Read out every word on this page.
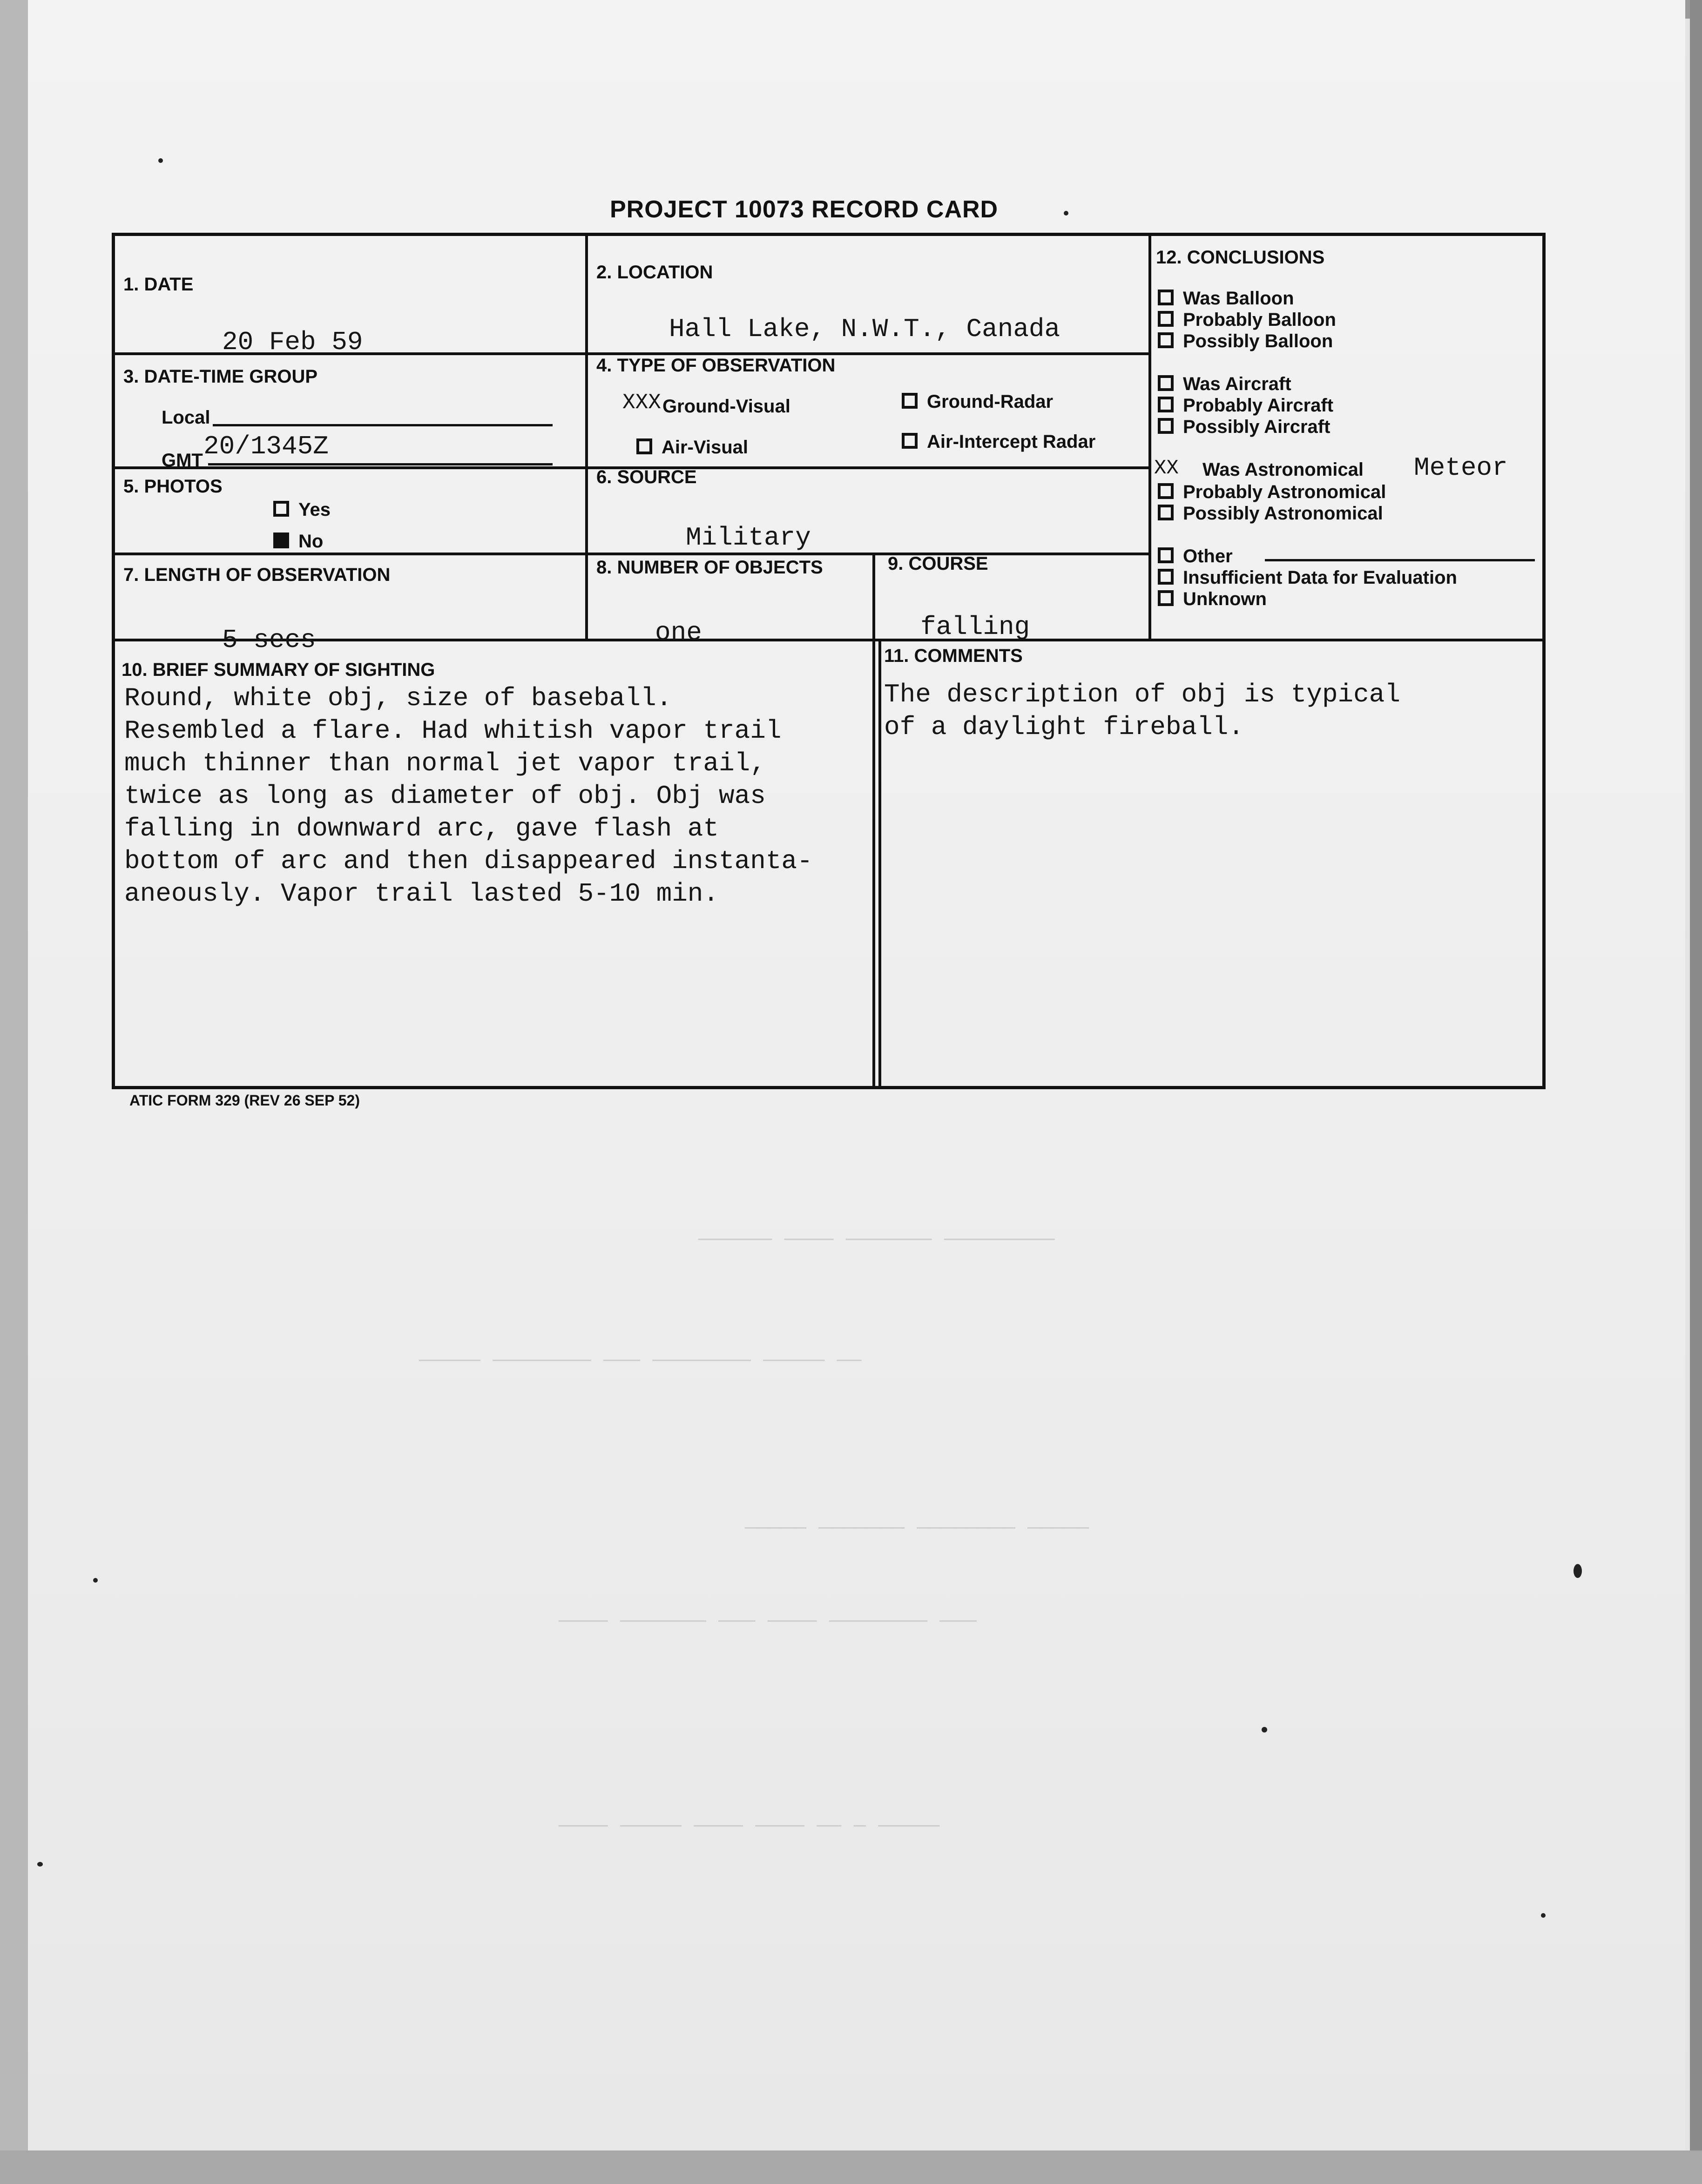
────── ──── ─────── ─────────
───── ──────── ─── ──────── ───── ──
───── ─────── ──────── ─────
──── ─────── ─── ──── ──────── ───
──── ───── ──── ──── ── ─ ─────
PROJECT 10073 RECORD CARD
1. DATE
20 Feb 59
2. LOCATION
Hall Lake, N.W.T., Canada
3. DATE-TIME GROUP
Local
GMT 20/1345Z
4. TYPE OF OBSERVATION
XXX Ground-Visual	Ground-Radar
Air-Visual	Air-Intercept Radar
5. PHOTOS
Yes
No
6. SOURCE
Military
7. LENGTH OF OBSERVATION
5 secs
8. NUMBER OF OBJECTS
one
9. COURSE
falling
10. BRIEF SUMMARY OF SIGHTING
Round, white obj, size of baseball.
Resembled a flare. Had whitish vapor trail
much thinner than normal jet vapor trail,
twice as long as diameter of obj. Obj was
falling in downward arc, gave flash at
bottom of arc and then disappeared instanta-
aneously. Vapor trail lasted 5-10 min.
11. COMMENTS
The description of obj is typical
of a daylight fireball.
12. CONCLUSIONS
Was Balloon
Probably Balloon
Possibly Balloon
Was Aircraft
Probably Aircraft
Possibly Aircraft
XX Was Astronomical Meteor
Probably Astronomical
Possibly Astronomical
Other
Insufficient Data for Evaluation
Unknown
ATIC FORM 329 (REV 26 SEP 52)
